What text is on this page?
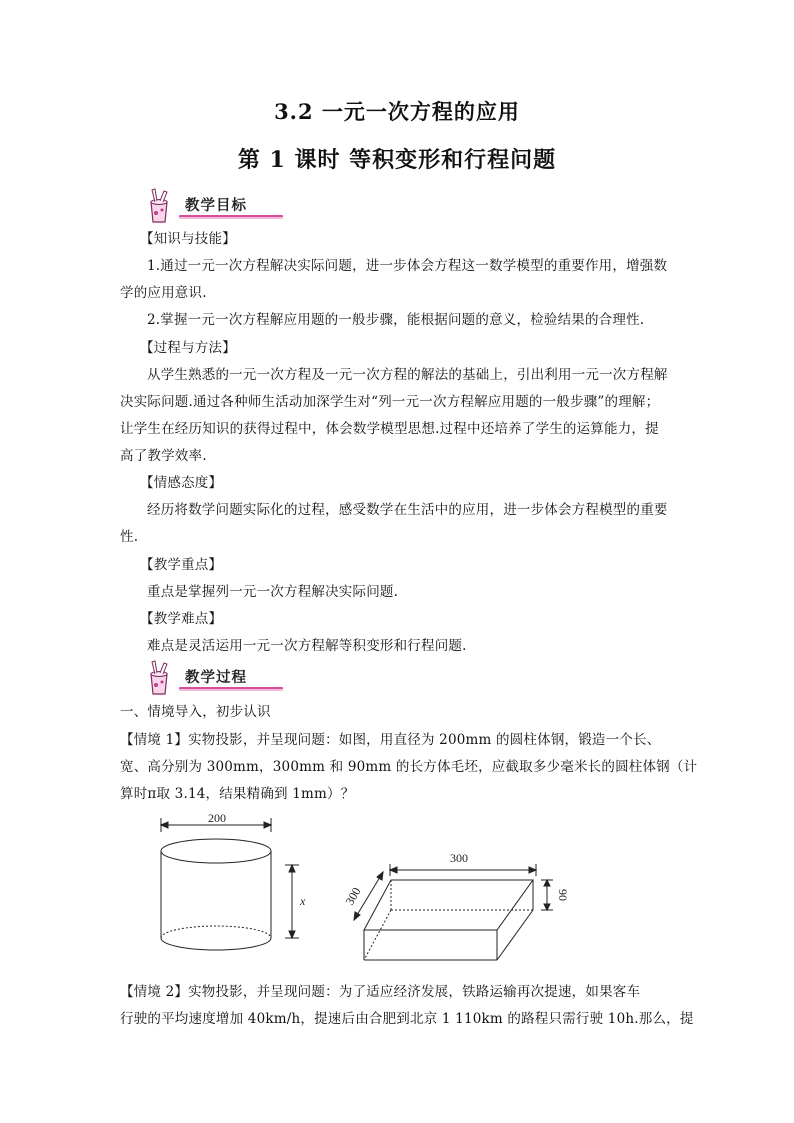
3.2 一元一次方程的应用
第 1 课时 等积变形和行程问题
教学目标
【知识与技能】
1.通过一元一次方程解决实际问题，进一步体会方程这一数学模型的重要作用，增强数
学的应用意识.
2.掌握一元一次方程解应用题的一般步骤，能根据问题的意义，检验结果的合理性.
【过程与方法】
从学生熟悉的一元一次方程及一元一次方程的解法的基础上，引出利用一元一次方程解
决实际问题.通过各种师生活动加深学生对“列一元一次方程解应用题的一般步骤”的理解；
让学生在经历知识的获得过程中，体会数学模型思想.过程中还培养了学生的运算能力，提
高了教学效率.
【情感态度】
经历将数学问题实际化的过程，感受数学在生活中的应用，进一步体会方程模型的重要
性.
【教学重点】
重点是掌握列一元一次方程解决实际问题.
【教学难点】
难点是灵活运用一元一次方程解等积变形和行程问题.
教学过程
一、情境导入，初步认识
【情境 1】实物投影，并呈现问题：如图，用直径为 200mm 的圆柱体钢，锻造一个长、
宽、高分别为 300mm，300mm 和 90mm 的长方体毛坯，应截取多少毫米长的圆柱体钢（计
算时π取 3.14，结果精确到 1mm）？
200
x
300
300	90
【情境 2】实物投影，并呈现问题：为了适应经济发展，铁路运输再次提速，如果客车
行驶的平均速度增加 40km/h，提速后由合肥到北京 1 110km 的路程只需行驶 10h.那么，提
